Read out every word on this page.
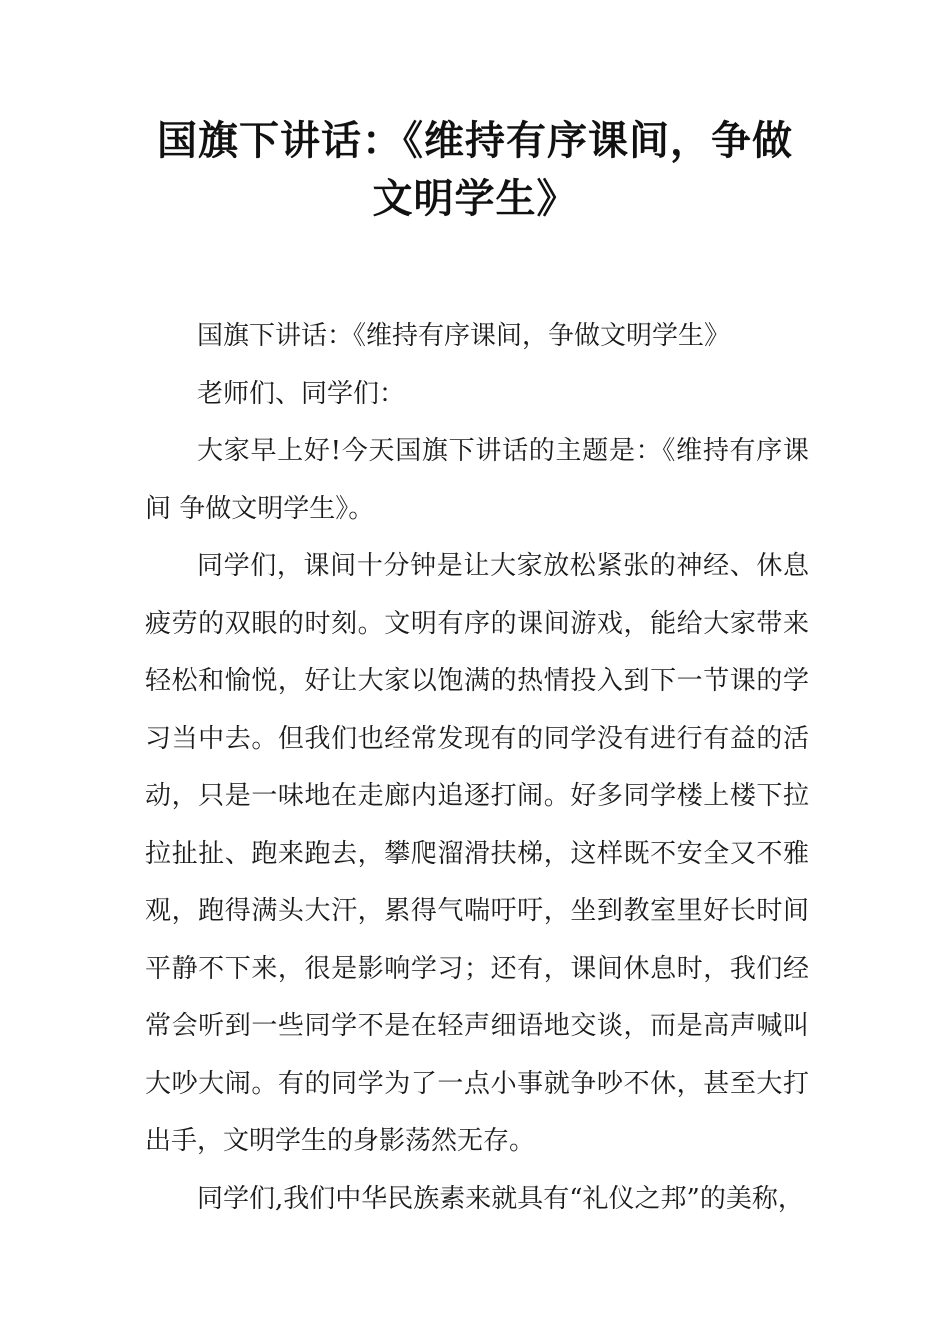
国旗下讲话：《维持有序课间，争做文明学生》

国旗下讲话：《维持有序课间，争做文明学生》

老师们、同学们：

大家早上好!今天国旗下讲话的主题是：《维持有序课间 争做文明学生》。

同学们，课间十分钟是让大家放松紧张的神经、休息疲劳的双眼的时刻。文明有序的课间游戏，能给大家带来轻松和愉悦，好让大家以饱满的热情投入到下一节课的学习当中去。但我们也经常发现有的同学没有进行有益的活动，只是一味地在走廊内追逐打闹。好多同学楼上楼下拉拉扯扯、跑来跑去，攀爬溜滑扶梯，这样既不安全又不雅观，跑得满头大汗，累得气喘吁吁，坐到教室里好长时间平静不下来，很是影响学习；还有，课间休息时，我们经常会听到一些同学不是在轻声细语地交谈，而是高声喊叫大吵大闹。有的同学为了一点小事就争吵不休，甚至大打出手，文明学生的身影荡然无存。

同学们,我们中华民族素来就具有“礼仪之邦”的美称，
